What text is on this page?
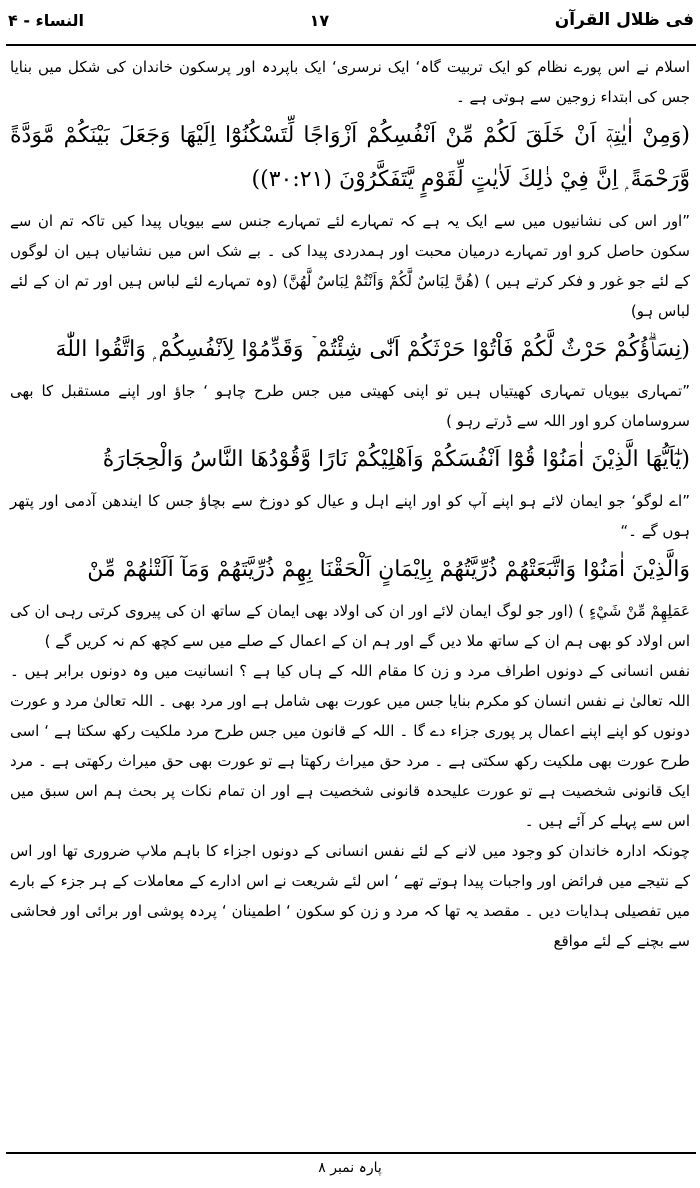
النساء - ۴	۱۷	فی ظلال القرآن

اسلام نے اس پورے نظام کو ایک تربیت گاہ‘ ایک نرسری‘ ایک باپردہ اور پرسکون خاندان کی شکل میں بنایا جس کی ابتداء زوجین سے ہوتی ہے ۔

(وَمِنْ اٰيٰتِهٖٓ اَنْ خَلَقَ لَكُمْ مِّنْ اَنْفُسِكُمْ اَزْوَاجًا لِّتَسْكُنُوْٓا اِلَيْهَا وَجَعَلَ بَيْنَكُمْ مَّوَدَّةً وَّرَحْمَةً ۭ اِنَّ فِيْ ذٰلِكَ لَاٰيٰتٍ لِّقَوْمٍ يَّتَفَكَّرُوْنَ (۳۰:۲۱))

”اور اس کی نشانیوں میں سے ایک یہ ہے کہ تمہارے لئے تمہارے جنس سے بیویاں پیدا کیں تاکہ تم ان سے سکون حاصل کرو اور تمہارے درمیان محبت اور ہمدردی پیدا کی ۔ بے شک اس میں نشانیاں ہیں ان لوگوں کے لئے جو غور و فکر کرتے ہیں ) (هُنَّ لِبَاسٌ لَّكُمْ وَاَنْتُمْ لِبَاسٌ لَّهُنَّ) (وہ تمہارے لئے لباس ہیں اور تم ان کے لئے لباس ہو)

(نِسَاۗؤُكُمْ حَرْثٌ لَّكُمْ فَاْتُوْا حَرْثَكُمْ اَنّٰى شِئْتُمْ ۡ وَقَدِّمُوْا لِاَنْفُسِكُمْ ۭ وَاتَّقُوا اللّٰهَ

”تمہاری بیویاں تمہاری کھیتیاں ہیں تو اپنی کھیتی میں جس طرح چاہو ‘ جاؤ اور اپنے مستقبل کا بھی سروسامان کرو اور اللہ سے ڈرتے رہو )

(يٰٓاَيُّهَا الَّذِيْنَ اٰمَنُوْا قُوْٓا اَنْفُسَكُمْ وَاَهْلِيْكُمْ نَارًا وَّقُوْدُهَا النَّاسُ وَالْحِجَارَةُ

”اے لوگو‘ جو ایمان لائے ہو اپنے آپ کو اور اپنے اہل و عیال کو دوزخ سے بچاؤ جس کا ایندھن آدمی اور پتھر ہوں گے ۔“

وَالَّذِيْنَ اٰمَنُوْا وَاتَّبَعَتْهُمْ ذُرِّيَّتُهُمْ بِاِيْمَانٍ اَلْحَقْنَا بِهِمْ ذُرِّيَّتَهُمْ وَمَآ اَلَتْنٰهُمْ مِّنْ

عَمَلِهِمْ مِّنْ شَيْءٍ ) (اور جو لوگ ایمان لائے اور ان کی اولاد بھی ایمان کے ساتھ ان کی پیروی کرتی رہی ان کی اس اولاد کو بھی ہم ان کے ساتھ ملا دیں گے اور ہم ان کے اعمال کے صلے میں سے کچھ کم نہ کریں گے )

نفس انسانی کے دونوں اطراف مرد و زن کا مقام اللہ کے ہاں کیا ہے ؟ انسانیت میں وہ دونوں برابر ہیں ۔ اللہ تعالیٰ نے نفس انسان کو مکرم بنایا جس میں عورت بھی شامل ہے اور مرد بھی ۔ اللہ تعالیٰ مرد و عورت دونوں کو اپنے اپنے اعمال پر پوری جزاء دے گا ۔ اللہ کے قانون میں جس طرح مرد ملکیت رکھ سکتا ہے ‘ اسی طرح عورت بھی ملکیت رکھ سکتی ہے ۔ مرد حق میراث رکھتا ہے تو عورت بھی حق میراث رکھتی ہے ۔ مرد ایک قانونی شخصیت ہے تو عورت علیحدہ قانونی شخصیت ہے اور ان تمام نکات پر بحث ہم اس سبق میں اس سے پہلے کر آئے ہیں ۔

چونکہ ادارہ خاندان کو وجود میں لانے کے لئے نفس انسانی کے دونوں اجزاء کا باہم ملاپ ضروری تھا اور اس کے نتیجے میں فرائض اور واجبات پیدا ہوتے تھے ‘ اس لئے شریعت نے اس ادارے کے معاملات کے ہر جزء کے بارے میں تفصیلی ہدایات دیں ۔ مقصد یہ تھا کہ مرد و زن کو سکون ‘ اطمینان ‘ پردہ پوشی اور برائی اور فحاشی سے بچنے کے لئے مواقع

پارہ نمبر ۸
